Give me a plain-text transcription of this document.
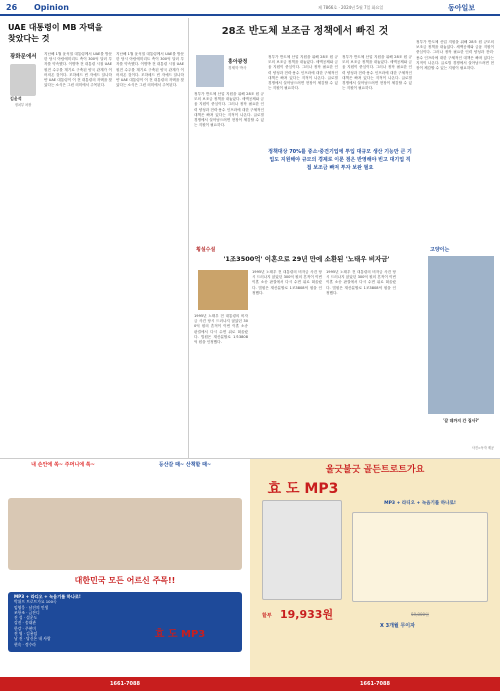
26 Opinion	제 7866호 · 2024년 5월 7일 화요일	동아일보
UAE 대통령이 MB 자택을 찾았다는 것
광화문에서
김윤석
정치부 차장
지난해 1월 윤석열 대통령께서 UAE를 방문한 당시 아랍에미리트 측이 300억 달러 투자를 약속했다. 이명박 전 대통령 시절 UAE 원전 수주를 계기로 구축된 양국 관계가 이어져온 것이다. 모하메드 빈 자예드 알나하얀 UAE 대통령이 이 전 대통령의 자택을 찾았다는 소식은 그런 의미에서 주목된다.
지난해 1월 윤석열 대통령께서 UAE를 방문한 당시 아랍에미리트 측이 300억 달러 투자를 약속했다. 이명박 전 대통령 시절 UAE 원전 수주를 계기로 구축된 양국 관계가 이어져온 것이다. 모하메드 빈 자예드 알나하얀 UAE 대통령이 이 전 대통령의 자택을 찾았다는 소식은 그런 의미에서 주목된다.
28조 반도체 보조금 정책에서 빠진 것
홍아광정
경제학 박사
정부가 반도체 산업 지원을 위해 28조 원 규모의 보조금 정책을 내놓았다. 세액공제와 금융 지원이 중심이다. 그러나 정작 필요한 인력 양성과 전력·용수 인프라에 대한 구체적인 대책은 빠져 있다는 지적이 나온다. 글로벌 경쟁에서 살아남으려면 현장이 체감할 수 있는 지원이 필요하다.
정부가 반도체 산업 지원을 위해 28조 원 규모의 보조금 정책을 내놓았다. 세액공제와 금융 지원이 중심이다. 그러나 정작 필요한 인력 양성과 전력·용수 인프라에 대한 구체적인 대책은 빠져 있다는 지적이 나온다. 글로벌 경쟁에서 살아남으려면 현장이 체감할 수 있는 지원이 필요하다.
정부가 반도체 산업 지원을 위해 28조 원 규모의 보조금 정책을 내놓았다. 세액공제와 금융 지원이 중심이다. 그러나 정작 필요한 인력 양성과 전력·용수 인프라에 대한 구체적인 대책은 빠져 있다는 지적이 나온다. 글로벌 경쟁에서 살아남으려면 현장이 체감할 수 있는 지원이 필요하다.
정부가 반도체 산업 지원을 위해 28조 원 규모의 보조금 정책을 내놓았다. 세액공제와 금융 지원이 중심이다. 그러나 정작 필요한 인력 양성과 전력·용수 인프라에 대한 구체적인 대책은 빠져 있다는 지적이 나온다. 글로벌 경쟁에서 살아남으려면 현장이 체감할 수 있는 지원이 필요하다.
정책대상 70%를 중소·중견기업에 투입 대규모 생산 기능만 큰 기업도 지원해야 규모의 경제로 이룬 점은 반영해야 빈고 대기업 직접 보조금 빠져 투자 보완 필요
횡설수설
'1조3500억' 이혼으로 29년 만에 소환된 '노태우 비자금'
1995년 노태우 전 대통령의 비자금 사건 당시 드러나지 않았던 300억 원의 흔적이 이번 이혼 소송 판결에서 다시 수면 위로 떠올랐다. 법원은 재산분할로 1조3808억 원을 인정했다.
1995년 노태우 전 대통령의 비자금 사건 당시 드러나지 않았던 300억 원의 흔적이 이번 이혼 소송 판결에서 다시 수면 위로 떠올랐다. 법원은 재산분할로 1조3808억 원을 인정했다.
1995년 노태우 전 대통령의 비자금 사건 당시 드러나지 않았던 300억 원의 흔적이 이번 이혼 소송 판결에서 다시 수면 위로 떠올랐다. 법원은 재산분할로 1조3808억 원을 인정했다.
고양이는
'갈 데까지 간 집사?'
사진=독자 제공
내 손안에 쏙~ 주머니에 쏙~	등산갈 때~ 산책할 때~
대한민국 모든 어르신 주목!!
MP3 + 라디오 + 녹음기를 하나로!
박위프 트로트가요 100곡
임영웅 · 남진의 인생
조항조 · 금잔디
진 성 · 설운도
강진 · 송대관
한강 · 주현미
전 영 · 김용임
남 진 · 당신은 내 사랑
현숙 · 정수라
효 도 MP3
1661-7088
울긋불긋 골든트로트가요
효 도 MP3
MP3 + 라디오 + 녹음기를 하나로!
59,800원
할부 19,933원
X 3개월 무이자
1661-7088
